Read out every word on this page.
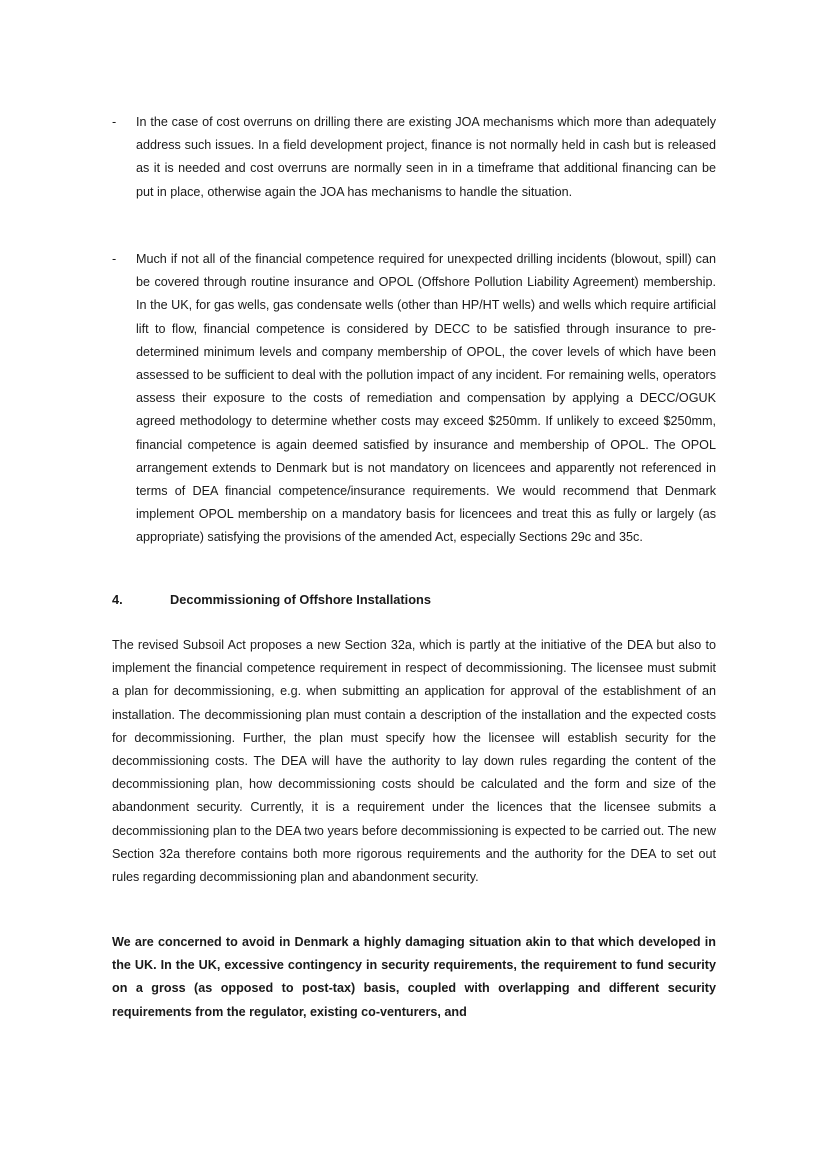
- In the case of cost overruns on drilling there are existing JOA mechanisms which more than adequately address such issues. In a field development project, finance is not normally held in cash but is released as it is needed and cost overruns are normally seen in in a timeframe that additional financing can be put in place, otherwise again the JOA has mechanisms to handle the situation.
- Much if not all of the financial competence required for unexpected drilling incidents (blowout, spill) can be covered through routine insurance and OPOL (Offshore Pollution Liability Agreement) membership. In the UK, for gas wells, gas condensate wells (other than HP/HT wells) and wells which require artificial lift to flow, financial competence is considered by DECC to be satisfied through insurance to pre-determined minimum levels and company membership of OPOL, the cover levels of which have been assessed to be sufficient to deal with the pollution impact of any incident. For remaining wells, operators assess their exposure to the costs of remediation and compensation by applying a DECC/OGUK agreed methodology to determine whether costs may exceed $250mm. If unlikely to exceed $250mm, financial competence is again deemed satisfied by insurance and membership of OPOL. The OPOL arrangement extends to Denmark but is not mandatory on licencees and apparently not referenced in terms of DEA financial competence/insurance requirements. We would recommend that Denmark implement OPOL membership on a mandatory basis for licencees and treat this as fully or largely (as appropriate) satisfying the provisions of the amended Act, especially Sections 29c and 35c.
4.	Decommissioning of Offshore Installations
The revised Subsoil Act proposes a new Section 32a, which is partly at the initiative of the DEA but also to implement the financial competence requirement in respect of decommissioning. The licensee must submit a plan for decommissioning, e.g. when submitting an application for approval of the establishment of an installation. The decommissioning plan must contain a description of the installation and the expected costs for decommissioning. Further, the plan must specify how the licensee will establish security for the decommissioning costs. The DEA will have the authority to lay down rules regarding the content of the decommissioning plan, how decommissioning costs should be calculated and the form and size of the abandonment security. Currently, it is a requirement under the licences that the licensee submits a decommissioning plan to the DEA two years before decommissioning is expected to be carried out. The new Section 32a therefore contains both more rigorous requirements and the authority for the DEA to set out rules regarding decommissioning plan and abandonment security.
We are concerned to avoid in Denmark a highly damaging situation akin to that which developed in the UK. In the UK, excessive contingency in security requirements, the requirement to fund security on a gross (as opposed to post-tax) basis, coupled with overlapping and different security requirements from the regulator, existing co-venturers, and
